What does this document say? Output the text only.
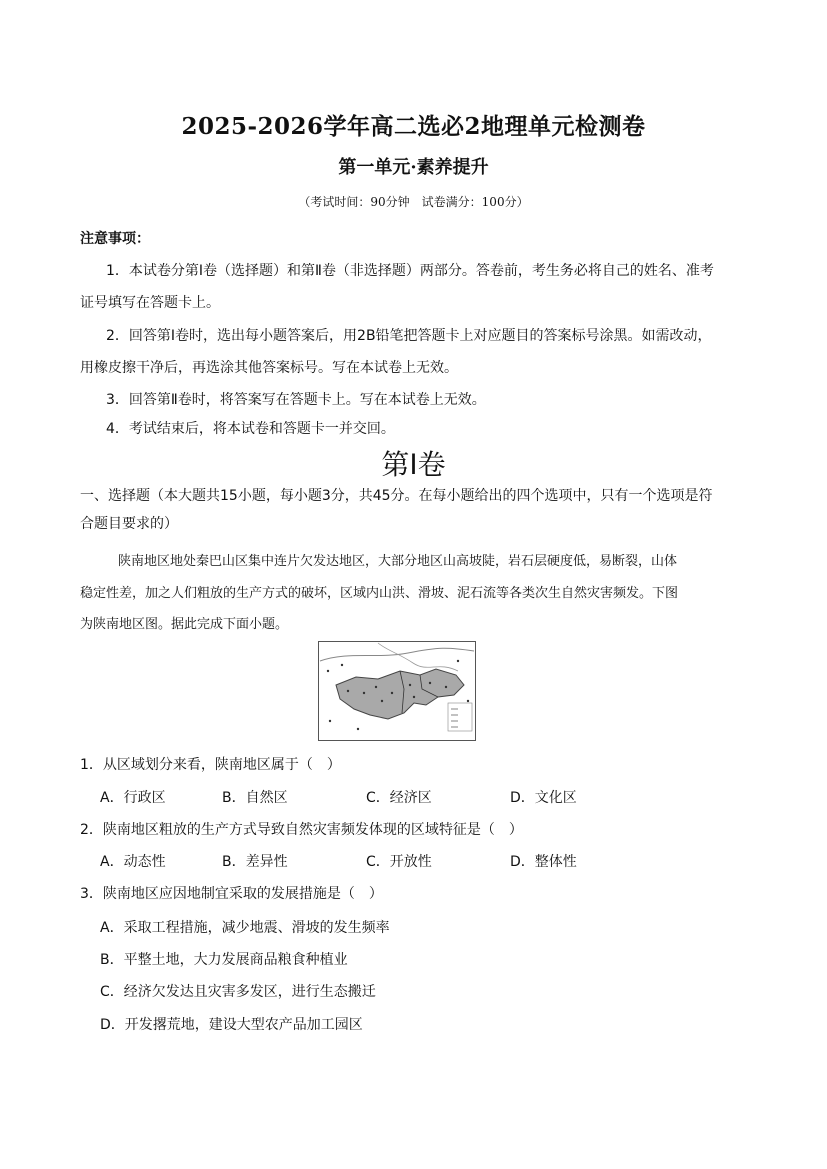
2025-2026学年高二选必2地理单元检测卷
第一单元·素养提升
（考试时间：90分钟　试卷满分：100分）
注意事项：
1．本试卷分第Ⅰ卷（选择题）和第Ⅱ卷（非选择题）两部分。答卷前，考生务必将自己的姓名、准考
证号填写在答题卡上。
2．回答第Ⅰ卷时，选出每小题答案后，用2B铅笔把答题卡上对应题目的答案标号涂黑。如需改动，
用橡皮擦干净后，再选涂其他答案标号。写在本试卷上无效。
3．回答第Ⅱ卷时，将答案写在答题卡上。写在本试卷上无效。
4．考试结束后，将本试卷和答题卡一并交回。
第Ⅰ卷
一、选择题（本大题共15小题，每小题3分，共45分。在每小题给出的四个选项中，只有一个选项是符
合题目要求的）
陕南地区地处秦巴山区集中连片欠发达地区，大部分地区山高坡陡，岩石层硬度低，易断裂，山体
稳定性差，加之人们粗放的生产方式的破坏，区域内山洪、滑坡、泥石流等各类次生自然灾害频发。下图
为陕南地区图。据此完成下面小题。
1．从区域划分来看，陕南地区属于（　）
A．行政区	B．自然区	C．经济区	D．文化区
2．陕南地区粗放的生产方式导致自然灾害频发体现的区域特征是（　）
A．动态性	B．差异性	C．开放性	D．整体性
3．陕南地区应因地制宜采取的发展措施是（　）
A．采取工程措施，减少地震、滑坡的发生频率
B．平整土地，大力发展商品粮食种植业
C．经济欠发达且灾害多发区，进行生态搬迁
D．开发撂荒地，建设大型农产品加工园区
